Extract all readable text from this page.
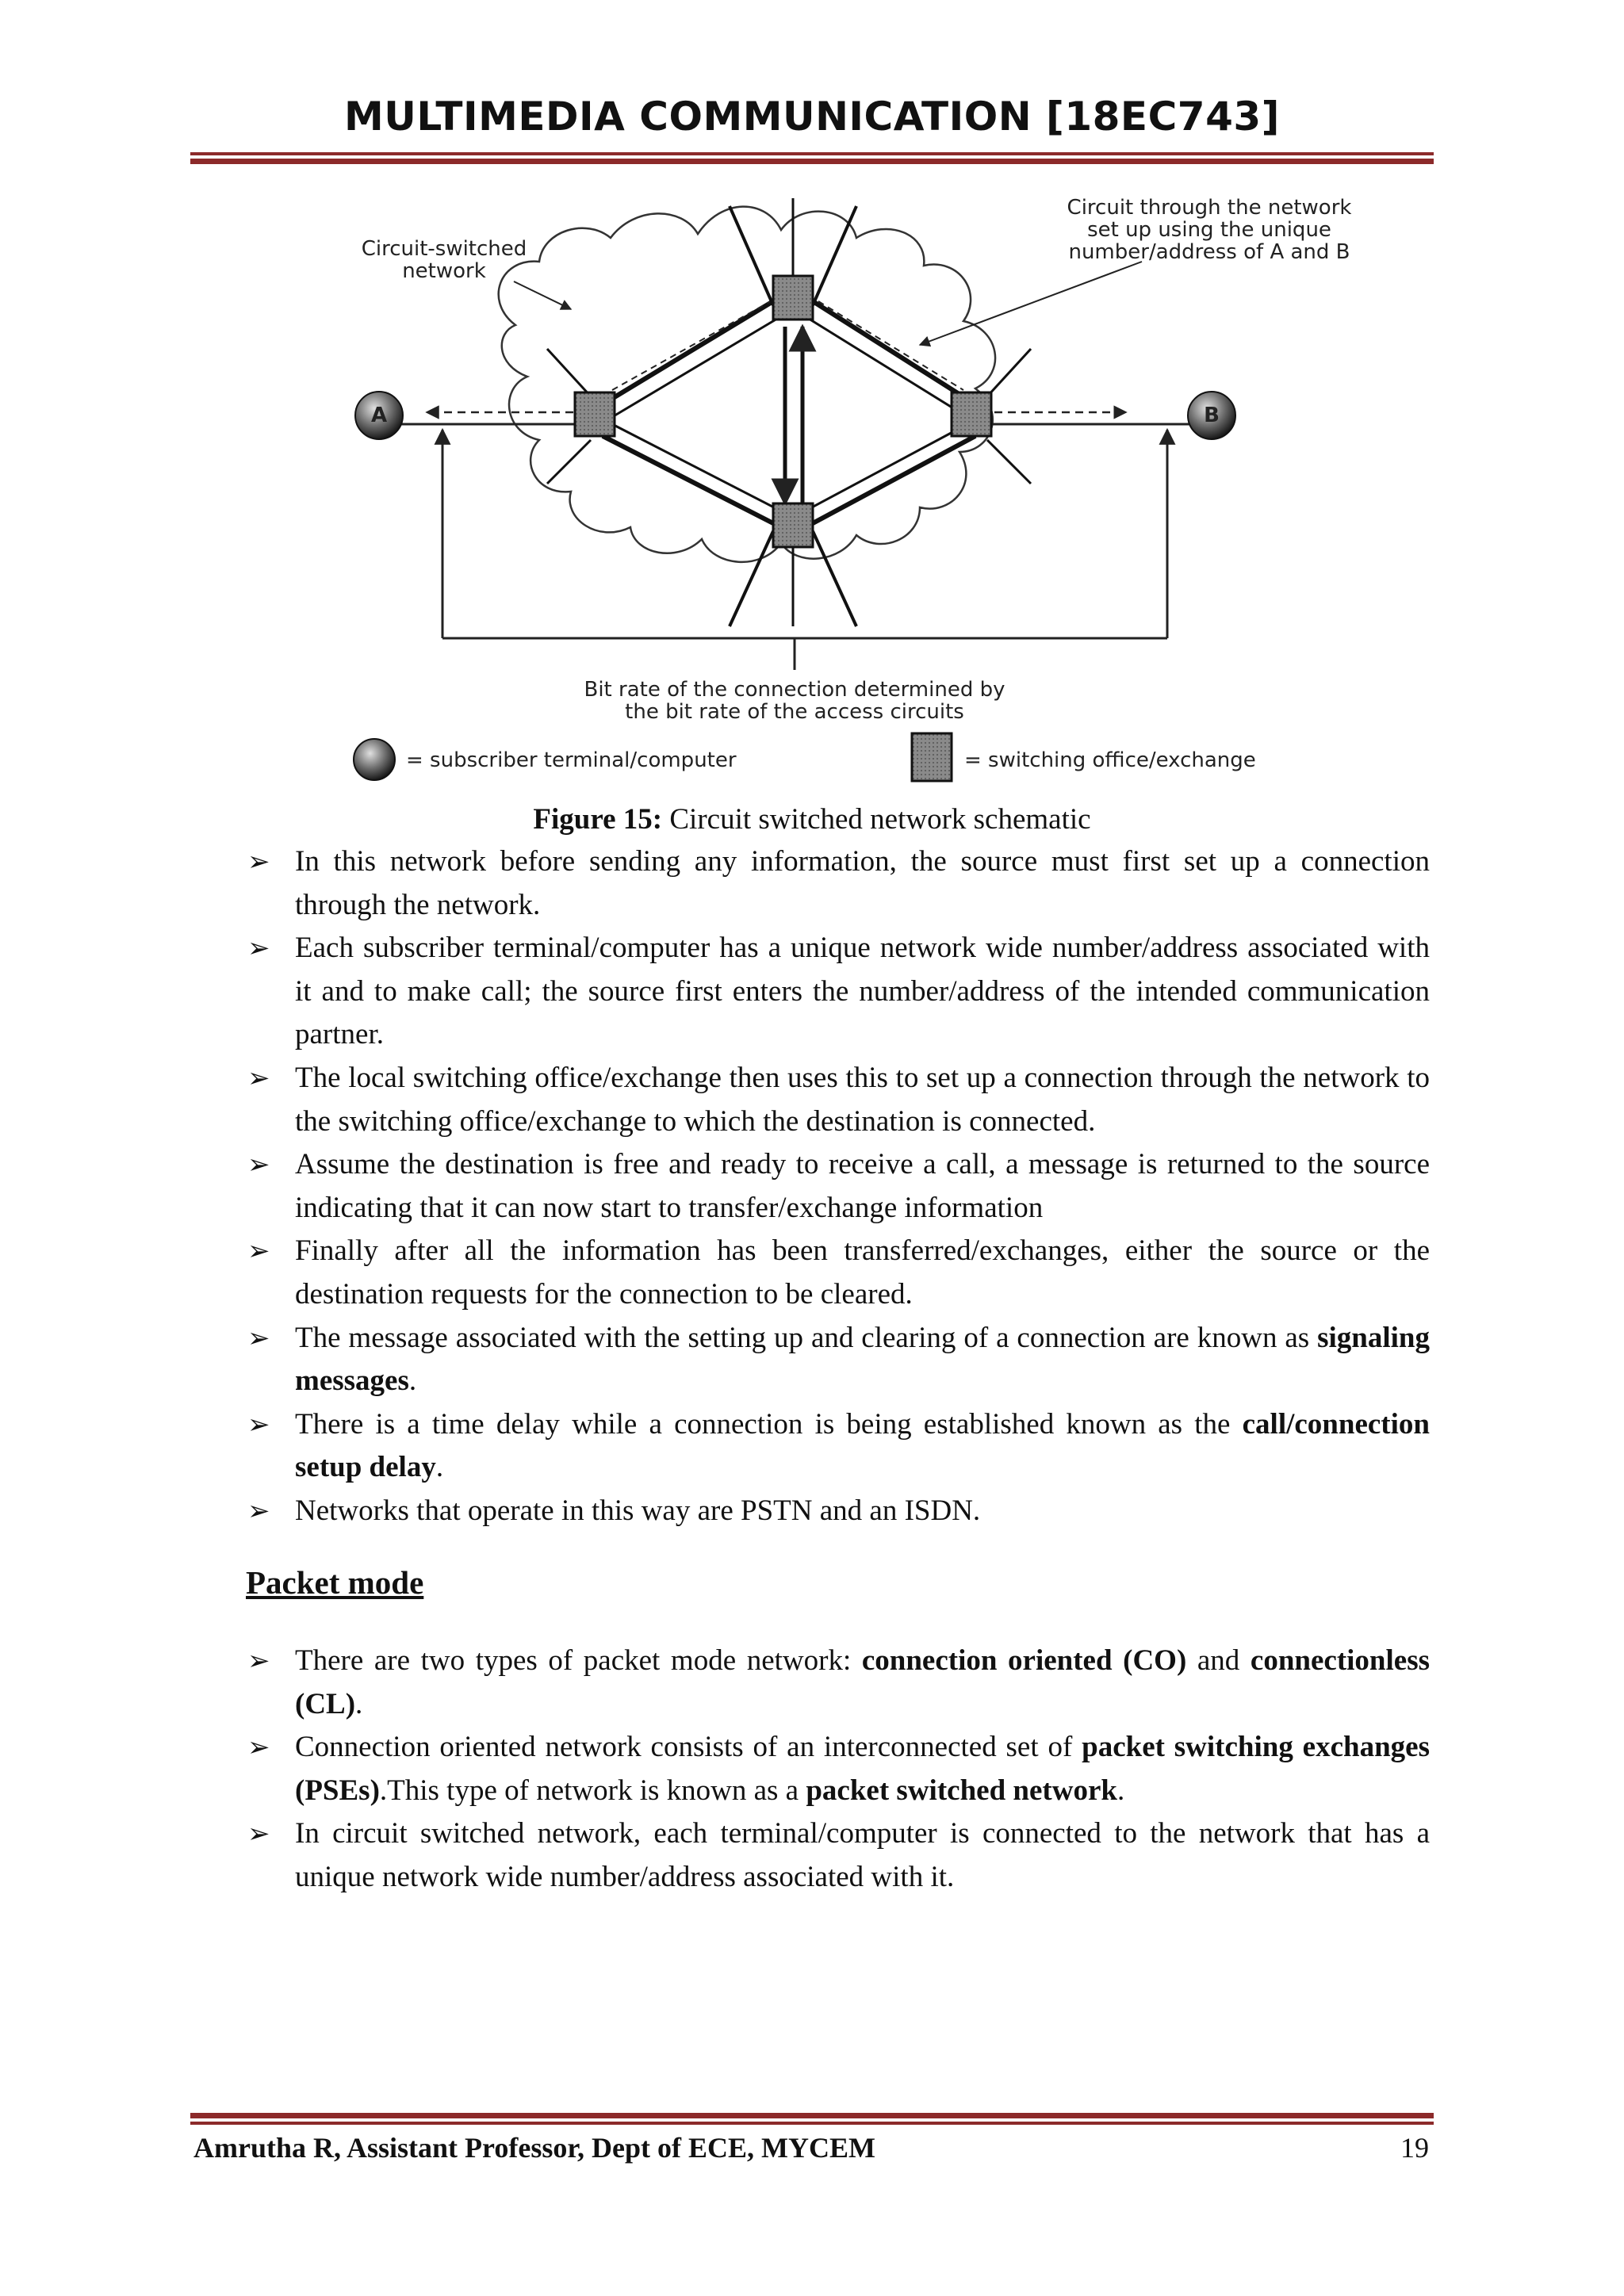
MULTIMEDIA COMMUNICATION [18EC743]
A	B
Circuit-switched
network
Circuit through the network
set up using the unique
number/address of A and B
Bit rate of the connection determined by
the bit rate of the access circuits
= subscriber terminal/computer	= switching office/exchange
Figure 15: Circuit switched network schematic

➢ In this network before sending any information, the source must first set up a connection through the network.

➢ Each subscriber terminal/computer has a unique network wide number/address associated with it and to make call; the source first enters the number/address of the intended communication partner.

➢ The local switching office/exchange then uses this to set up a connection through the network to the switching office/exchange to which the destination is connected.

➢ Assume the destination is free and ready to receive a call, a message is returned to the source indicating that it can now start to transfer/exchange information

➢ Finally after all the information has been transferred/exchanges, either the source or the destination requests for the connection to be cleared.

➢ The message associated with the setting up and clearing of a connection are known as signaling messages.

➢ There is a time delay while a connection is being established known as the call/connection setup delay.

➢ Networks that operate in this way are PSTN and an ISDN.

Packet mode

➢ There are two types of packet mode network: connection oriented (CO) and connectionless (CL).

➢ Connection oriented network consists of an interconnected set of packet switching exchanges (PSEs).This type of network is known as a packet switched network.

➢ In circuit switched network, each terminal/computer is connected to the network that has a unique network wide number/address associated with it.

Amrutha R, Assistant Professor, Dept of ECE, MYCEM	19
